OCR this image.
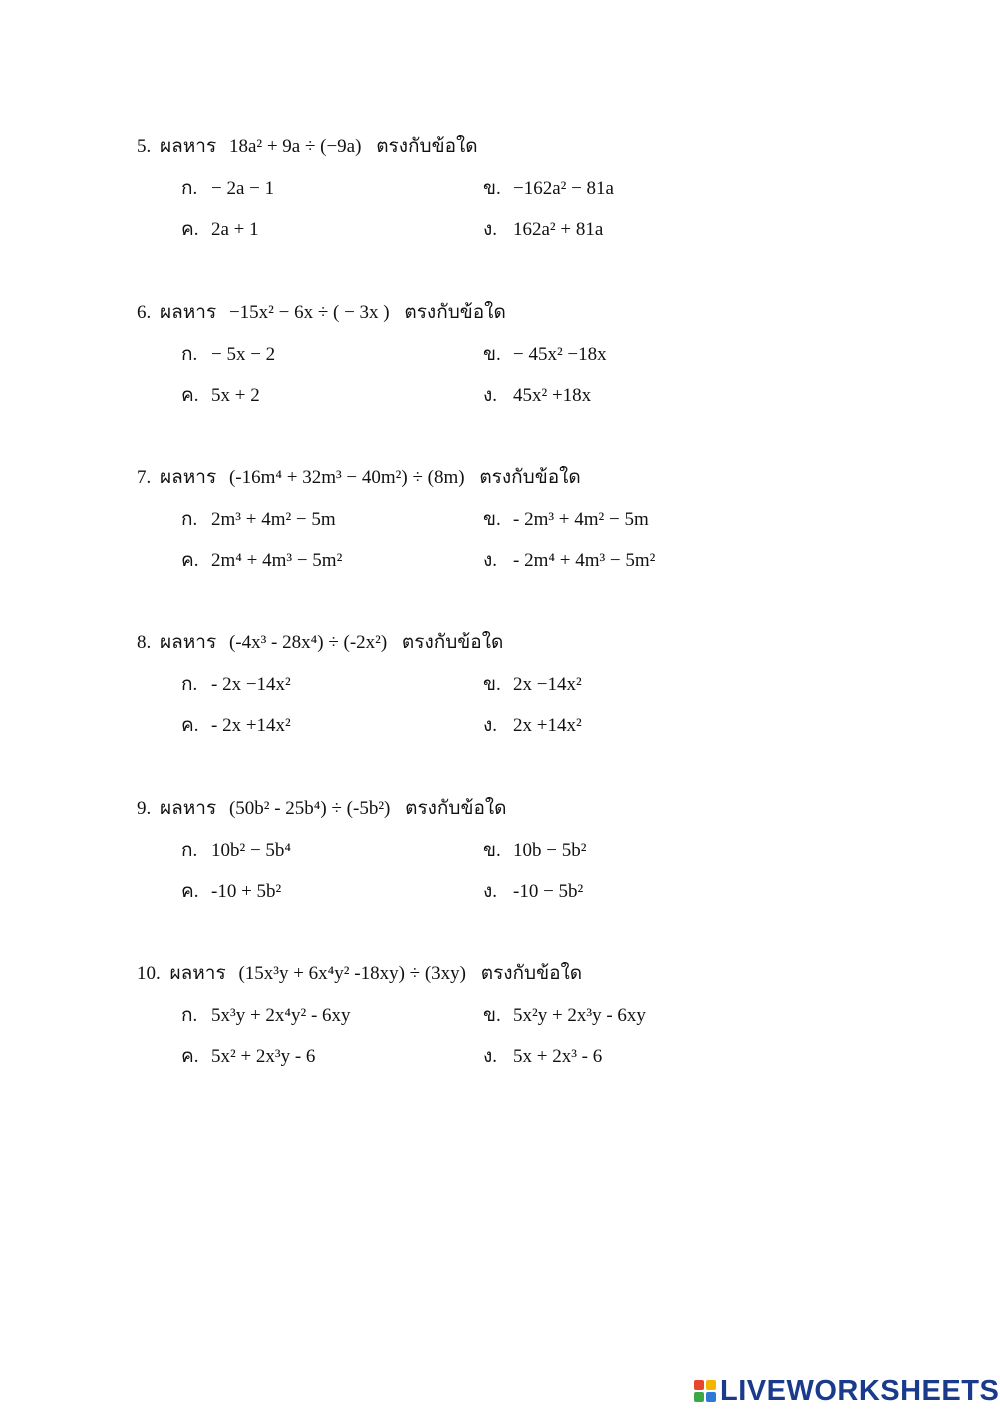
5. ผลหาร 18a² + 9a ÷ (−9a) ตรงกับข้อใด
ก. − 2a − 1	ข. −162a² − 81a
ค. 2a + 1	ง. 162a² + 81a
6. ผลหาร −15x² − 6x ÷ ( − 3x ) ตรงกับข้อใด
ก. − 5x − 2	ข. − 45x² −18x
ค. 5x + 2	ง. 45x² +18x
7. ผลหาร (-16m⁴ + 32m³ − 40m²) ÷ (8m) ตรงกับข้อใด
ก. 2m³ + 4m² − 5m	ข. - 2m³ + 4m² − 5m
ค. 2m⁴ + 4m³ − 5m²	ง. - 2m⁴ + 4m³ − 5m²
8. ผลหาร (-4x³ - 28x⁴) ÷ (-2x²) ตรงกับข้อใด
ก. - 2x −14x²	ข. 2x −14x²
ค. - 2x +14x²	ง. 2x +14x²
9. ผลหาร (50b² - 25b⁴) ÷ (-5b²) ตรงกับข้อใด
ก. 10b² − 5b⁴	ข. 10b − 5b²
ค. -10 + 5b²	ง. -10 − 5b²
10. ผลหาร (15x³y + 6x⁴y² -18xy) ÷ (3xy) ตรงกับข้อใด
ก. 5x³y + 2x⁴y² - 6xy	ข. 5x²y + 2x³y - 6xy
ค. 5x² + 2x³y - 6	ง. 5x + 2x³ - 6
LIVEWORKSHEETS
